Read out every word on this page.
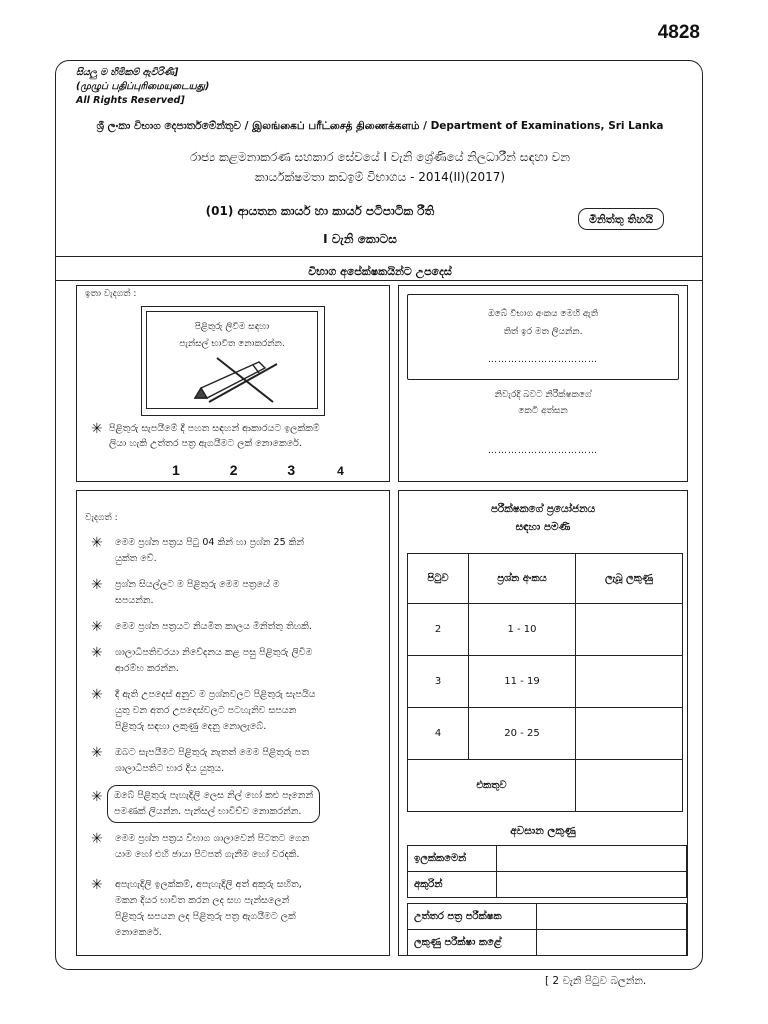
4828
සියලු ම හිමිකම් ඇවිරිණි]
(முழுப் பதிப்புரிமையுடையது)
All Rights Reserved]
ශ්‍රී ලංකා විභාග දෙපාර්තමේන්තුව / இலங்கைப் பரீட்சைத் திணைக்களம் / Department of Examinations, Sri Lanka
රාජ්‍ය කළමනාකරණ සහකාර සේවයේ I වැනි ශ්‍රේණියේ නිලධාරීන් සඳහා වන
කාර්යක්ෂමතා කඩඉම් විභාගය - 2014(II)(2017)
(01) ආයතන කාර්ය හා කාර්ය පටිපාටික රීති
මිනිත්තු තිහයි
I වැනි කොටස
විභාග අපේක්ෂකයින්ට උපදෙස්
ඉතා වැදගත් :
පිළිතුරු ලිවීම සඳහා
පැන්සල් භාවිත නොකරන්න.
✳ පිළිතුරු සැපයීමේ දී පහත සඳහන් ආකාරයට ඉලක්කම්
ලියා හැකි උත්තර පත්‍ර ඇගයීමට ලක් නොකෙරේ.
1	2	3	4
ඔබේ විභාග අංකය මෙහි ඇති
තිත් ඉර මත ලියන්න.
……………………………
නිවැරදි බවට නිරීක්ෂකගේ
කෙටි අත්සන
……………………………
වැදගත් :
✳ මෙම ප්‍රශ්න පත්‍රය පිටු 04 කින් හා ප්‍රශ්න 25 කින්
යුක්ත වේ.
✳ ප්‍රශ්න සියල්ලට ම පිළිතුරු මෙම පත්‍රයේ ම
සපයන්න.
✳ මෙම ප්‍රශ්න පත්‍රයට නියමිත කාලය මිනිත්තු තිහකි.
✳ ශාලාධිපතිවරයා නිවේදනය කළ පසු පිළිතුරු ලිවීම
ආරම්භ කරන්න.
✳ දී ඇති උපදෙස් අනුව ම ප්‍රශ්නවලට පිළිතුරු සැපයිය
යුතු වන අතර උපදෙස්වලට පටහැනිව සපයන
පිළිතුරු සඳහා ලකුණු දෙනු නොලැබේ.
✳ ඔබට සැපයීමට පිළිතුරු නැතත් මෙම පිළිතුරු පත
ශාලාධිපතිට භාර දිය යුතුය.
✳ ඔබේ පිළිතුරු පැහැදිලි ලෙස නිල් හෝ කළු පෑනෙන්
පමණක් ලියන්න. පැන්සල් භාවිච්ච නොකරන්න.
✳ මෙම ප්‍රශ්න පත්‍රය විභාග ශාලාවෙන් පිටතට ගෙන
යාම හෝ එහි ඡායා පිටපත් ගැනීම හෝ වරදකි.
✳ අපැහැදිලි ඉලක්කම්, අපැහැදිලි අත් අකුරු සහිත,
මකන දියර භාවිත කරන ලද සහ පැන්සලෙන්
පිළිතුරු සපයන ලද පිළිතුරු පත්‍ර ඇගයීමට ලක්
නොකෙරේ.
පරීක්ෂකගේ ප්‍රයෝජනය
සඳහා පමණි
පිටුව	ප්‍රශ්න අංකය	ලැබූ ලකුණු
2	1 - 10	
3	11 - 19	
4	20 - 25	
එකතුව		
අවසාන ලකුණු
ඉලක්කමෙන්	
අකුරින්	
උත්තර පත්‍ර පරීක්ෂක	
ලකුණු පරීක්ෂා කළේ	
[ 2 වැනි පිටුව බලන්න.
